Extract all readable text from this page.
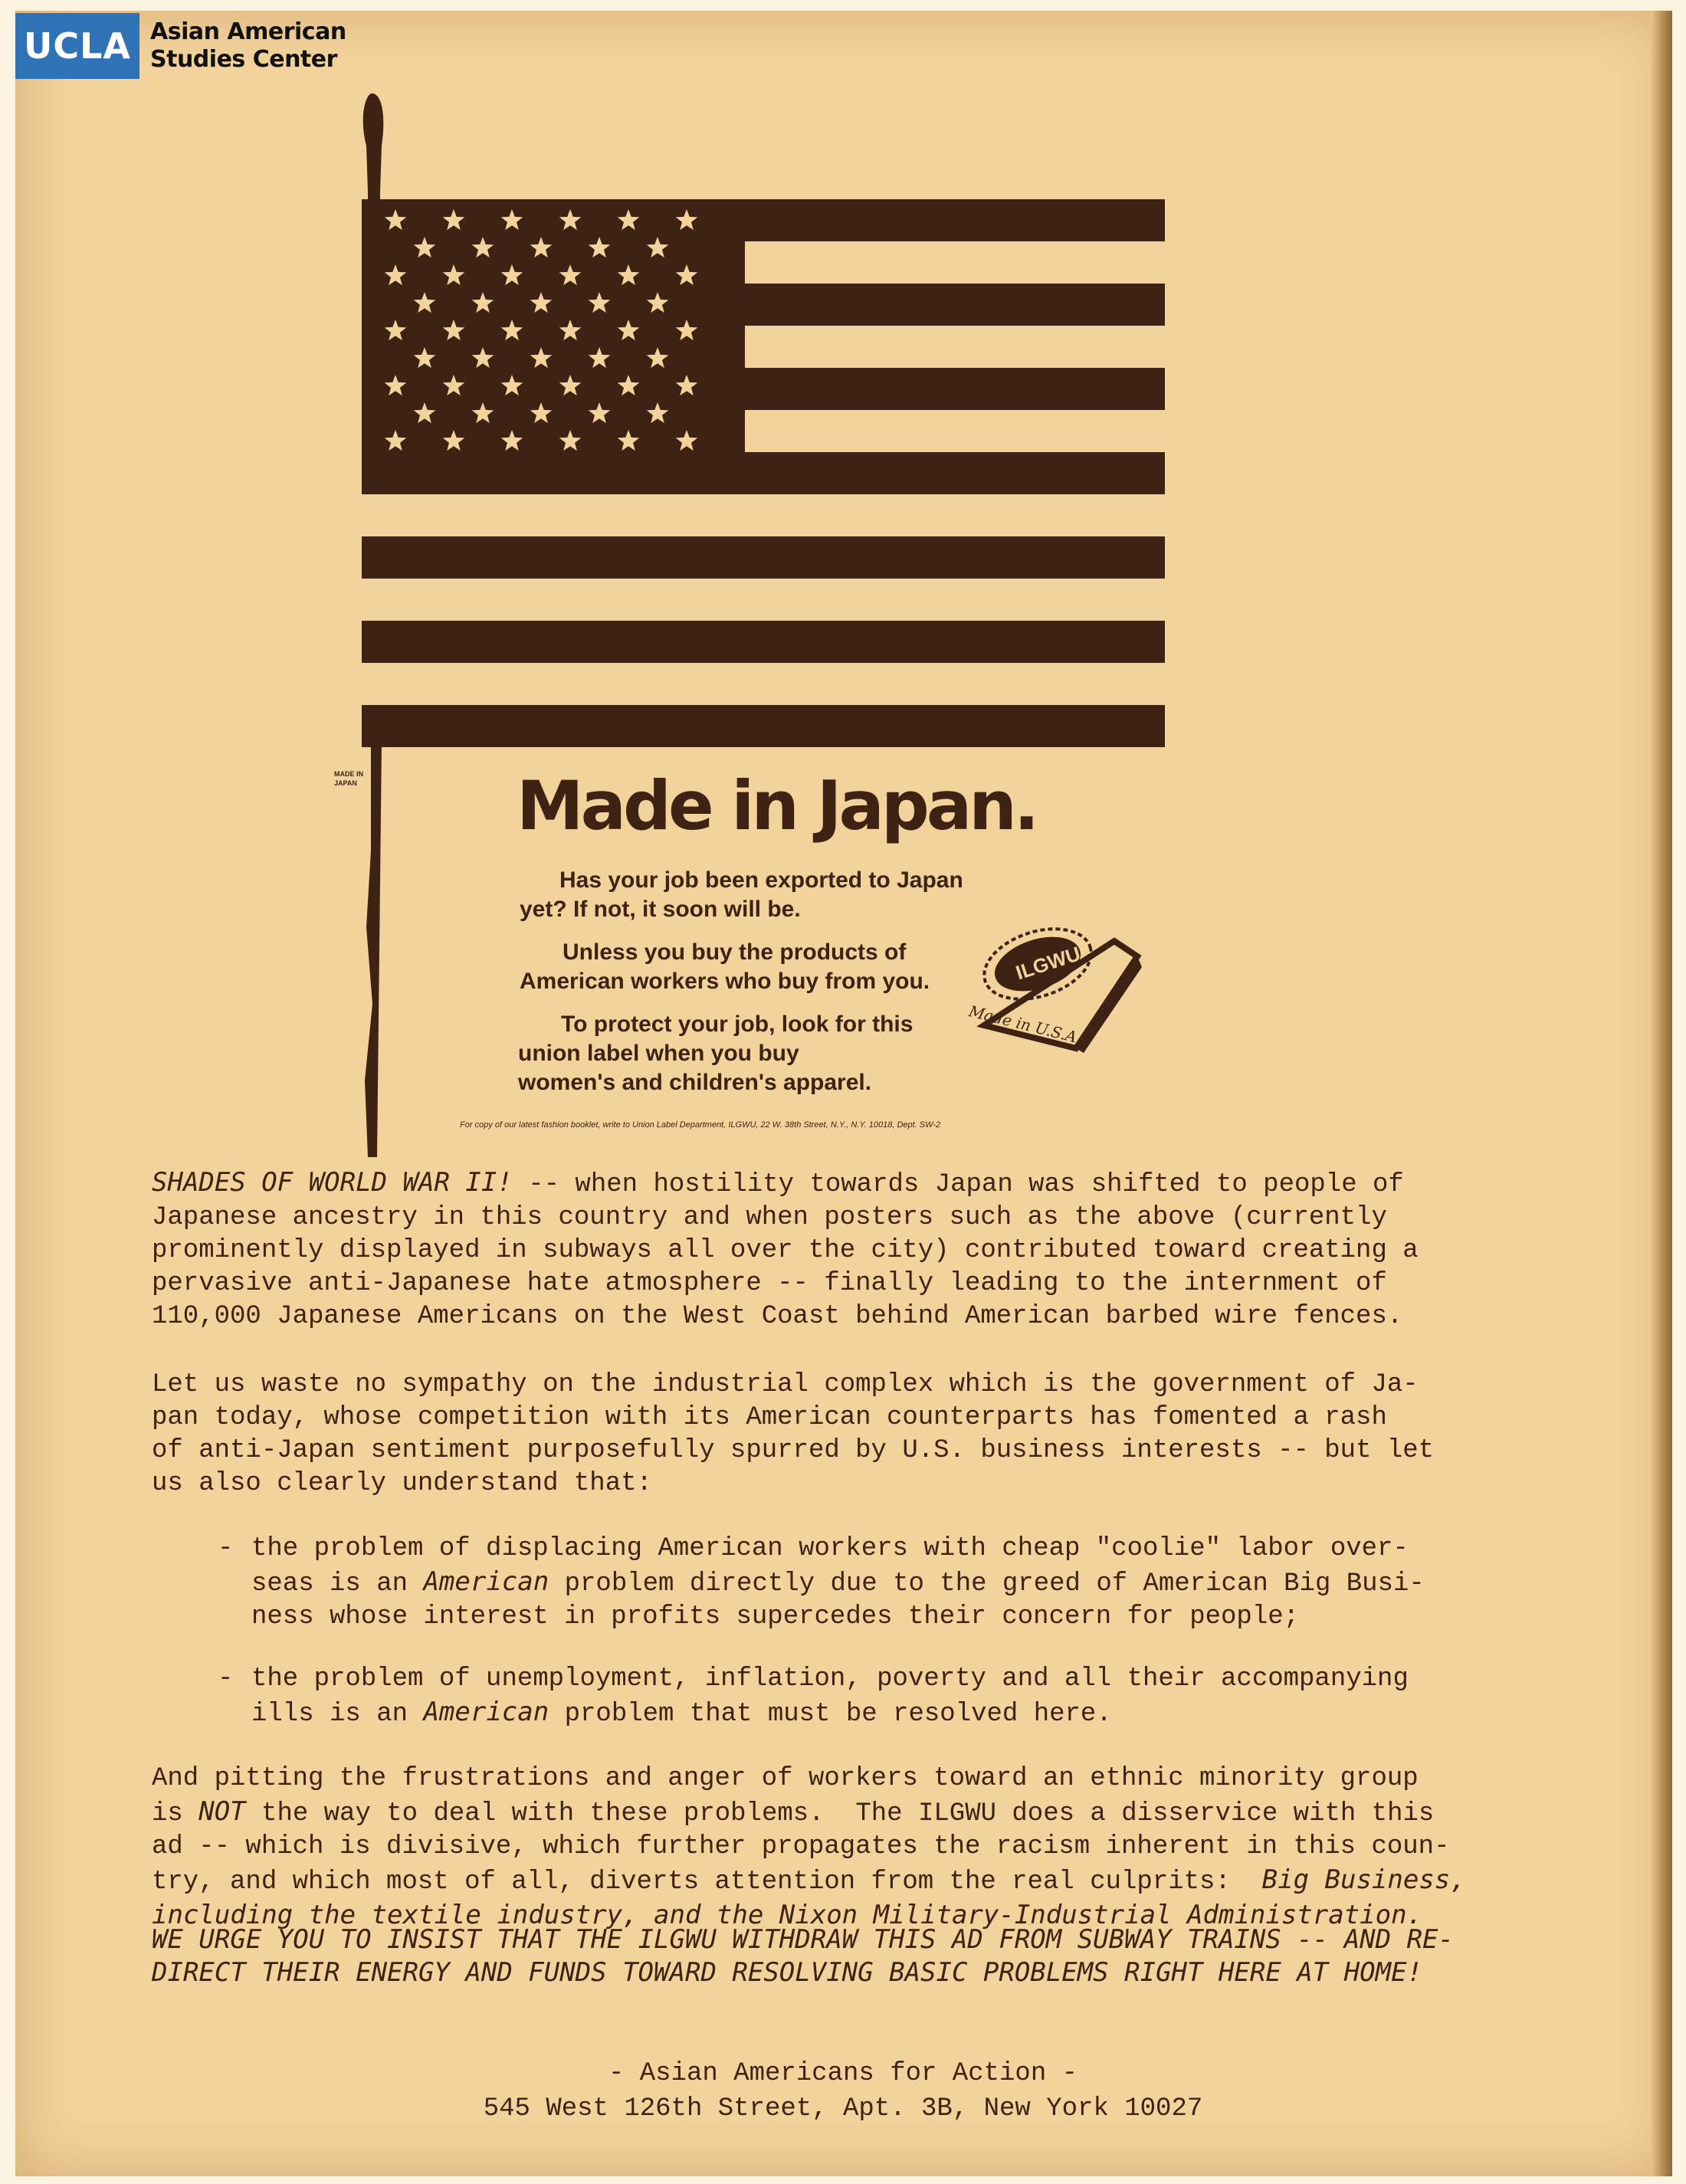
UCLA Asian American
Studies Center
MADE IN
JAPAN Made in Japan.
Has your job been exported to Japan
yet? If not, it soon will be.
Unless you buy the products of
American workers who buy from you.
To protect your job, look for this
union label when you buy
women's and children's apparel.
ILGWU
Made in U.S.A.
For copy of our latest fashion booklet, write to Union Label Department, ILGWU, 22 W. 38th Street, N.Y., N.Y. 10018, Dept. SW-2
SHADES OF WORLD WAR II! -- when hostility towards Japan was shifted to people of
Japanese ancestry in this country and when posters such as the above (currently
prominently displayed in subways all over the city) contributed toward creating a
pervasive anti-Japanese hate atmosphere -- finally leading to the internment of
110,000 Japanese Americans on the West Coast behind American barbed wire fences.
Let us waste no sympathy on the industrial complex which is the government of Ja-
pan today, whose competition with its American counterparts has fomented a rash
of anti-Japan sentiment purposefully spurred by U.S. business interests -- but let
us also clearly understand that:
- the problem of displacing American workers with cheap "coolie" labor over-
seas is an American problem directly due to the greed of American Big Busi-
ness whose interest in profits supercedes their concern for people;
- the problem of unemployment, inflation, poverty and all their accompanying
ills is an American problem that must be resolved here.
And pitting the frustrations and anger of workers toward an ethnic minority group
is NOT the way to deal with these problems.  The ILGWU does a disservice with this
ad -- which is divisive, which further propagates the racism inherent in this coun-
try, and which most of all, diverts attention from the real culprits:  Big Business,
including the textile industry, and the Nixon Military-Industrial Administration.
WE URGE YOU TO INSIST THAT THE ILGWU WITHDRAW THIS AD FROM SUBWAY TRAINS -- AND RE-
DIRECT THEIR ENERGY AND FUNDS TOWARD RESOLVING BASIC PROBLEMS RIGHT HERE AT HOME!
- Asian Americans for Action -
545 West 126th Street, Apt. 3B, New York 10027
